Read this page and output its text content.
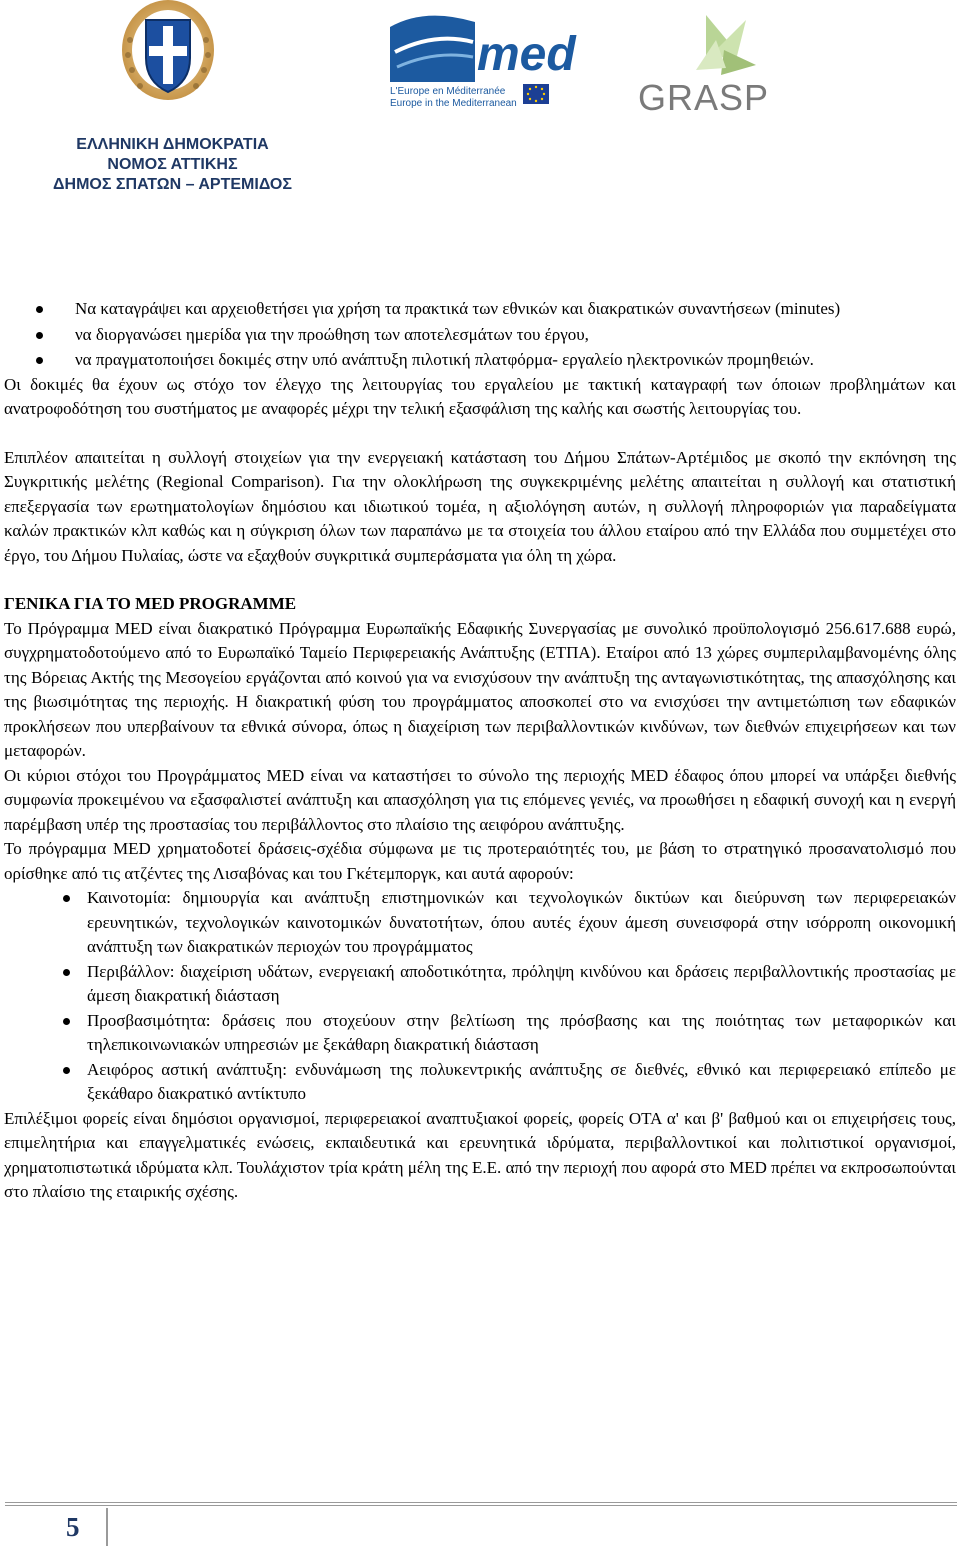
med
L'Europe en Méditerranée
Europe in the Mediterranean	GRASP
ΕΛΛΗΝΙΚΗ ΔΗΜΟΚΡΑΤΙΑ
ΝΟΜΟΣ ΑΤΤΙΚΗΣ
ΔΗΜΟΣ ΣΠΑΤΩΝ – ΑΡΤΕΜΙΔΟΣ
Να καταγράψει και αρχειοθετήσει για χρήση τα πρακτικά των εθνικών και διακρατικών συναντήσεων (minutes)
να διοργανώσει ημερίδα για την προώθηση των αποτελεσμάτων του έργου,
να πραγματοποιήσει δοκιμές στην υπό ανάπτυξη πιλοτική πλατφόρμα- εργαλείο ηλεκτρονικών προμηθειών.

Οι δοκιμές θα έχουν ως στόχο τον έλεγχο της λειτουργίας του εργαλείου με τακτική καταγραφή των όποιων προβλημάτων και ανατροφοδότηση του συστήματος με αναφορές μέχρι την τελική εξασφάλιση της καλής και σωστής λειτουργίας του.

Επιπλέον απαιτείται η συλλογή στοιχείων για την ενεργειακή κατάσταση του Δήμου Σπάτων-Αρτέμιδος με σκοπό την εκπόνηση της Συγκριτικής μελέτης (Regional Comparison). Για την ολοκλήρωση της συγκεκριμένης μελέτης απαιτείται η συλλογή και στατιστική επεξεργασία των ερωτηματολογίων δημόσιου και ιδιωτικού τομέα, η αξιολόγηση αυτών, η συλλογή πληροφοριών για παραδείγματα καλών πρακτικών κλπ καθώς και η σύγκριση όλων των παραπάνω με τα στοιχεία του άλλου εταίρου από την Ελλάδα που συμμετέχει στο έργο, του Δήμου Πυλαίας, ώστε να εξαχθούν συγκριτικά συμπεράσματα για όλη τη χώρα.

ΓΕΝΙΚΑ ΓΙΑ ΤΟ MED PROGRAMME

Το Πρόγραμμα MED είναι διακρατικό Πρόγραμμα Ευρωπαϊκής Εδαφικής Συνεργασίας με συνολικό προϋπολογισμό 256.617.688 ευρώ, συγχρηματοδοτούμενο από το Ευρωπαϊκό Ταμείο Περιφερειακής Ανάπτυξης (ΕΤΠΑ). Εταίροι από 13 χώρες συμπεριλαμβανομένης όλης της Βόρειας Ακτής της Μεσογείου εργάζονται από κοινού για να ενισχύσουν την ανάπτυξη της ανταγωνιστικότητας, της απασχόλησης και της βιωσιμότητας της περιοχής. Η διακρατική φύση του προγράμματος αποσκοπεί στο να ενισχύσει την αντιμετώπιση των εδαφικών προκλήσεων που υπερβαίνουν τα εθνικά σύνορα, όπως η διαχείριση των περιβαλλοντικών κινδύνων, των διεθνών επιχειρήσεων και των μεταφορών.

Οι κύριοι στόχοι του Προγράμματος MED είναι να καταστήσει το σύνολο της περιοχής MED έδαφος όπου μπορεί να υπάρξει διεθνής συμφωνία προκειμένου να εξασφαλιστεί ανάπτυξη και απασχόληση για τις επόμενες γενιές, να προωθήσει η εδαφική συνοχή και η ενεργή παρέμβαση υπέρ της προστασίας του περιβάλλοντος στο πλαίσιο της αειφόρου ανάπτυξης.

Το πρόγραμμα MED χρηματοδοτεί δράσεις-σχέδια σύμφωνα με τις προτεραιότητές του, με βάση το στρατηγικό προσανατολισμό που ορίσθηκε από τις ατζέντες της Λισαβόνας και του Γκέτεμποργκ, και αυτά αφορούν:

Καινοτομία: δημιουργία και ανάπτυξη επιστημονικών και τεχνολογικών δικτύων και διεύρυνση των περιφερειακών ερευνητικών, τεχνολογικών καινοτομικών δυνατοτήτων, όπου αυτές έχουν άμεση συνεισφορά στην ισόρροπη οικονομική ανάπτυξη των διακρατικών περιοχών του προγράμματος
Περιβάλλον: διαχείριση υδάτων, ενεργειακή αποδοτικότητα, πρόληψη κινδύνου και δράσεις περιβαλλοντικής προστασίας με άμεση διακρατική διάσταση
Προσβασιμότητα: δράσεις που στοχεύουν στην βελτίωση της πρόσβασης και της ποιότητας των μεταφορικών και τηλεπικοινωνιακών υπηρεσιών με ξεκάθαρη διακρατική διάσταση
Αειφόρος αστική ανάπτυξη: ενδυνάμωση της πολυκεντρικής ανάπτυξης σε διεθνές, εθνικό και περιφερειακό επίπεδο με ξεκάθαρο διακρατικό αντίκτυπο

Επιλέξιμοι φορείς είναι δημόσιοι οργανισμοί, περιφερειακοί αναπτυξιακοί φορείς, φορείς ΟΤΑ α' και β' βαθμού και οι επιχειρήσεις τους, επιμελητήρια και επαγγελματικές ενώσεις, εκπαιδευτικά και ερευνητικά ιδρύματα, περιβαλλοντικοί και πολιτιστικοί οργανισμοί, χρηματοπιστωτικά ιδρύματα κλπ. Τουλάχιστον τρία κράτη μέλη της Ε.Ε. από την περιοχή που αφορά στο MED πρέπει να εκπροσωπούνται στο πλαίσιο της εταιρικής σχέσης.

5
